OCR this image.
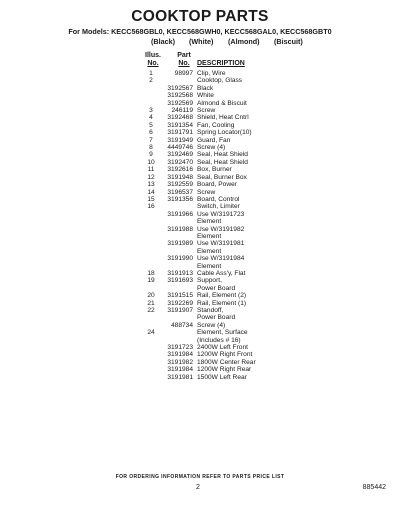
COOKTOP PARTS
For Models: KECC568GBL0, KECC568GWH0, KECC568GAL0, KECC568GBT0
(Black) (White) (Almond) (Biscuit)
Illus.
No.
Part
No.	DESCRIPTION
1	98997 Clip, Wire
2	Cooktop, Glass
3192567 Black
3192568 White
3192569 Almond & Biscuit
3	246119 Screw
4	3192468 Shield, Heat Cntrl
5	3191354 Fan, Cooling
6	3191791 Spring Locator(10)
7	3191949 Guard, Fan
8	4449746 Screw (4)
9	3192469 Seal, Heat Shield
10	3192470 Seal, Heat Shield
11	3192616 Box, Burner
12	3191948 Seal, Burner Box
13	3192559 Board, Power
14	3196537 Screw
15	3191356 Board, Control
16	Switch, Limiter
3191966 Use W/3191723
Element
3191988 Use W/3191982
Element
3191989 Use W/3191981
Element
3191990 Use W/3191984
Element
18	3191913 Cable Ass'y, Flat
19	3191693 Support,
Power Board
20	3191515 Rail, Element (2)
21	3192269 Rail, Element (1)
22	3191907 Standoff,
Power Board
488734 Screw (4)
24	Element, Surface
(Includes # 16)
3191723 2400W Left Front
3191984 1200W Right Front
3191982 1800W Center Rear
3191984 1200W Right Rear
3191981 1500W Left Rear
FOR ORDERING INFORMATION REFER TO PARTS PRICE LIST
2	885442
